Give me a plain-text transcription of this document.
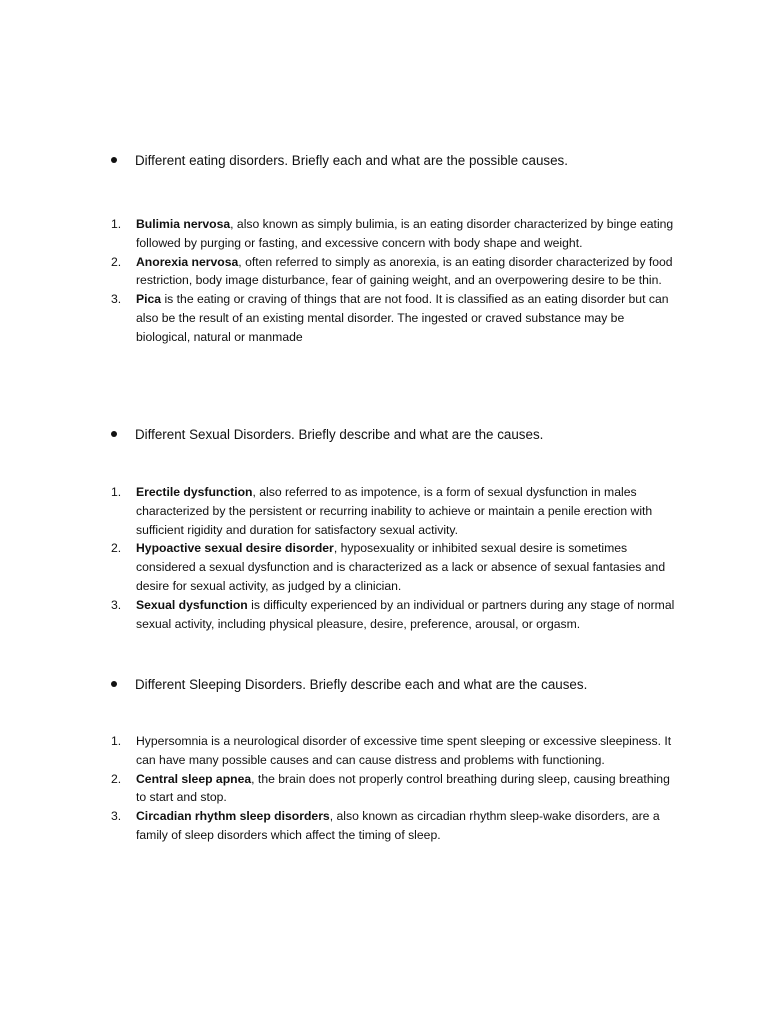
Different eating disorders. Briefly each and what are the possible causes.
1. Bulimia nervosa, also known as simply bulimia, is an eating disorder characterized by binge eating followed by purging or fasting, and excessive concern with body shape and weight.
2. Anorexia nervosa, often referred to simply as anorexia, is an eating disorder characterized by food restriction, body image disturbance, fear of gaining weight, and an overpowering desire to be thin.
3. Pica is the eating or craving of things that are not food. It is classified as an eating disorder but can also be the result of an existing mental disorder. The ingested or craved substance may be biological, natural or manmade
Different Sexual Disorders. Briefly describe and what are the causes.
1. Erectile dysfunction, also referred to as impotence, is a form of sexual dysfunction in males characterized by the persistent or recurring inability to achieve or maintain a penile erection with sufficient rigidity and duration for satisfactory sexual activity.
2. Hypoactive sexual desire disorder, hyposexuality or inhibited sexual desire is sometimes considered a sexual dysfunction and is characterized as a lack or absence of sexual fantasies and desire for sexual activity, as judged by a clinician.
3. Sexual dysfunction is difficulty experienced by an individual or partners during any stage of normal sexual activity, including physical pleasure, desire, preference, arousal, or orgasm.
Different Sleeping Disorders. Briefly describe each and what are the causes.
1. Hypersomnia is a neurological disorder of excessive time spent sleeping or excessive sleepiness. It can have many possible causes and can cause distress and problems with functioning.
2. Central sleep apnea, the brain does not properly control breathing during sleep, causing breathing to start and stop.
3. Circadian rhythm sleep disorders, also known as circadian rhythm sleep-wake disorders, are a family of sleep disorders which affect the timing of sleep.
